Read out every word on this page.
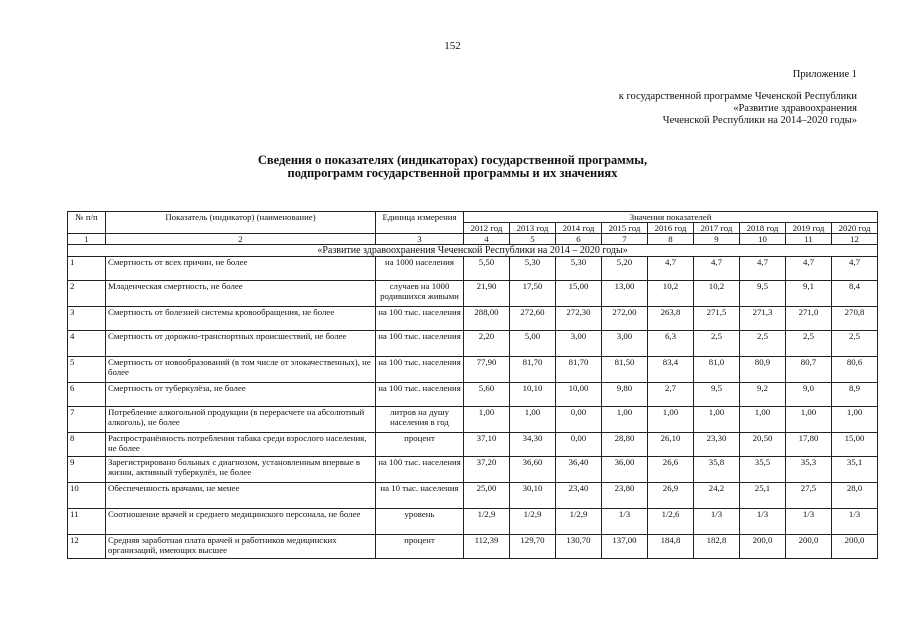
152
Приложение 1
к государственной программе Чеченской Республики
«Развитие здравоохранения
Чеченской Республики на 2014–2020 годы»
Сведения о показателях (индикаторах) государственной программы,
подпрограмм государственной программы и их значениях
№ п/п	Показатель (индикатор) (наименование)	Единица измерения	Значения показателей								
			2012 год	2013 год	2014 год	2015 год	2016 год	2017 год	2018 год	2019 год	2020 год
1	2	3	4	5	6	7	8	9	10	11	12
«Развитие здравоохранения Чеченской Республики на 2014 – 2020 годы»											
1	Смертность от всех причин, не более	на 1000 населения	5,50	5,30	5,30	5,20	4,7	4,7	4,7	4,7	4,7
2	Младенческая смертность, не более	случаев на 1000 родившихся живыми	21,90	17,50	15,00	13,00	10,2	10,2	9,5	9,1	8,4
3	Смертность от болезней системы кровообращения, не более	на 100 тыс. населения	288,00	272,60	272,30	272,00	263,8	271,5	271,3	271,0	270,8
4	Смертность от дорожно-транспортных происшествий, не более	на 100 тыс. населения	2,20	5,00	3,00	3,00	6,3	2,5	2,5	2,5	2,5
5	Смертность от новообразований (в том числе от злокачественных), не более	на 100 тыс. населения	77,90	81,70	81,70	81,50	83,4	81,0	80,9	80,7	80,6
6	Смертность от туберкулёза, не более	на 100 тыс. населения	5,60	10,10	10,00	9,80	2,7	9,5	9,2	9,0	8,9
7	Потребление алкогольной продукции (в перерасчете на абсолютный алкоголь), не более	литров на душу населения в год	1,00	1,00	0,00	1,00	1,00	1,00	1,00	1,00	1,00
8	Распространённость потребления табака среди взрослого населения, не более	процент	37,10	34,30	0,00	28,80	26,10	23,30	20,50	17,80	15,00
9	Зарегистрировано больных с диагнозом, установленным впервые в жизни, активный туберкулёз, не более	на 100 тыс. населения	37,20	36,60	36,40	36,00	26,6	35,8	35,5	35,3	35,1
10	Обеспеченность врачами, не менее	на 10 тыс. населения	25,00	30,10	23,40	23,80	26,9	24,2	25,1	27,5	28,0
11	Соотношение врачей и среднего медицинского персонала, не более	уровень	1/2,9	1/2,9	1/2,9	1/3	1/2,6	1/3	1/3	1/3	1/3
12	Средняя заработная плата врачей и работников медицинских организаций, имеющих высшее	процент	112,39	129,70	130,70	137,00	184,8	182,8	200,0	200,0	200,0
